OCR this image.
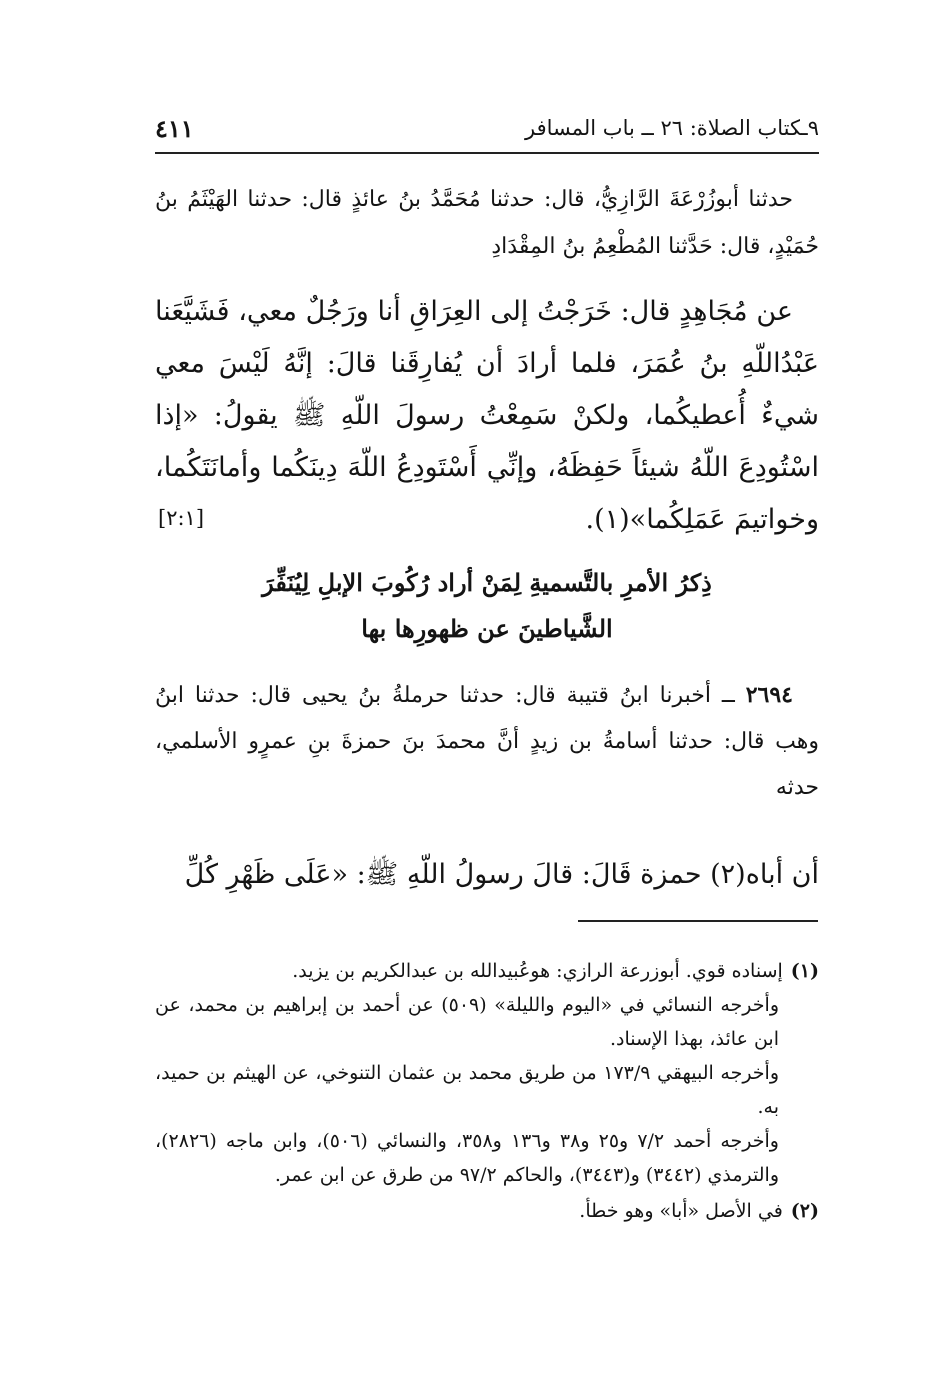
٩ـكتاب الصلاة: ٢٦ ــ باب المسافر
٤١١

حدثنا أبوزُرْعَةَ الرَّازِيُّ، قال: حدثنا مُحَمَّدُ بنُ عائذٍ قال: حدثنا الهَيْثَمُ بنُ حُمَيْدٍ، قال: حَدَّثنا المُطْعِمُ بنُ المِقْدَادِ

عن مُجَاهِدٍ قال: خَرَجْتُ إلى العِرَاقِ أنا ورَجُلٌ معي، فَشَيَّعَنا عَبْدُاللّهِ بنُ عُمَرَ، فلما أرادَ أن يُفارِقَنا قالَ: إنَّهُ لَيْسَ معي شيءٌ أُعطيكُما، ولكنْ سَمِعْتُ رسولَ اللّهِ ﷺ يقولُ: «إذا اسْتُودِعَ اللّهُ شيئاً حَفِظَهُ، وإنِّي أَسْتَودِعُ اللّهَ دِينَكُما وأمانَتَكُما، وخواتيمَ عَمَلِكُما»(١).

[٢:١]
ذِكرُ الأمرِ بالتَّسميةِ لِمَنْ أراد رُكُوبَ الإبلِ لِيُنَفِّرَ
الشَّياطينَ عن ظهورِها بها

٢٦٩٤ ــ أخبرنا ابنُ قتيبة قال: حدثنا حرملةُ بنُ يحيى قال: حدثنا ابنُ وهب قال: حدثنا أسامةُ بن زيدٍ أنَّ محمدَ بنَ حمزةَ بنِ عمرٍو الأسلمي، حدثه

أن أباه(٢) حمزة قَالَ: قالَ رسولُ اللّهِ ﷺ: «عَلَى ظَهْرِ كُلِّ

(١)إسناده قوي. أبوزرعة الرازي: هوعُبيدالله بن عبدالكريم بن يزيد.

وأخرجه النسائي في «اليوم والليلة» (٥٠٩) عن أحمد بن إبراهيم بن محمد، عن ابن عائذ، بهذا الإسناد.

وأخرجه البيهقي ١٧٣/٩ من طريق محمد بن عثمان التنوخي، عن الهيثم بن حميد، به.

وأخرجه أحمد ٧/٢ و٢٥ و٣٨ و١٣٦ و٣٥٨، والنسائي (٥٠٦)، وابن ماجه (٢٨٢٦)، والترمذي (٣٤٤٢) و(٣٤٤٣)، والحاكم ٩٧/٢ من طرق عن ابن عمر.

(٢)في الأصل «أبا» وهو خطأ.
